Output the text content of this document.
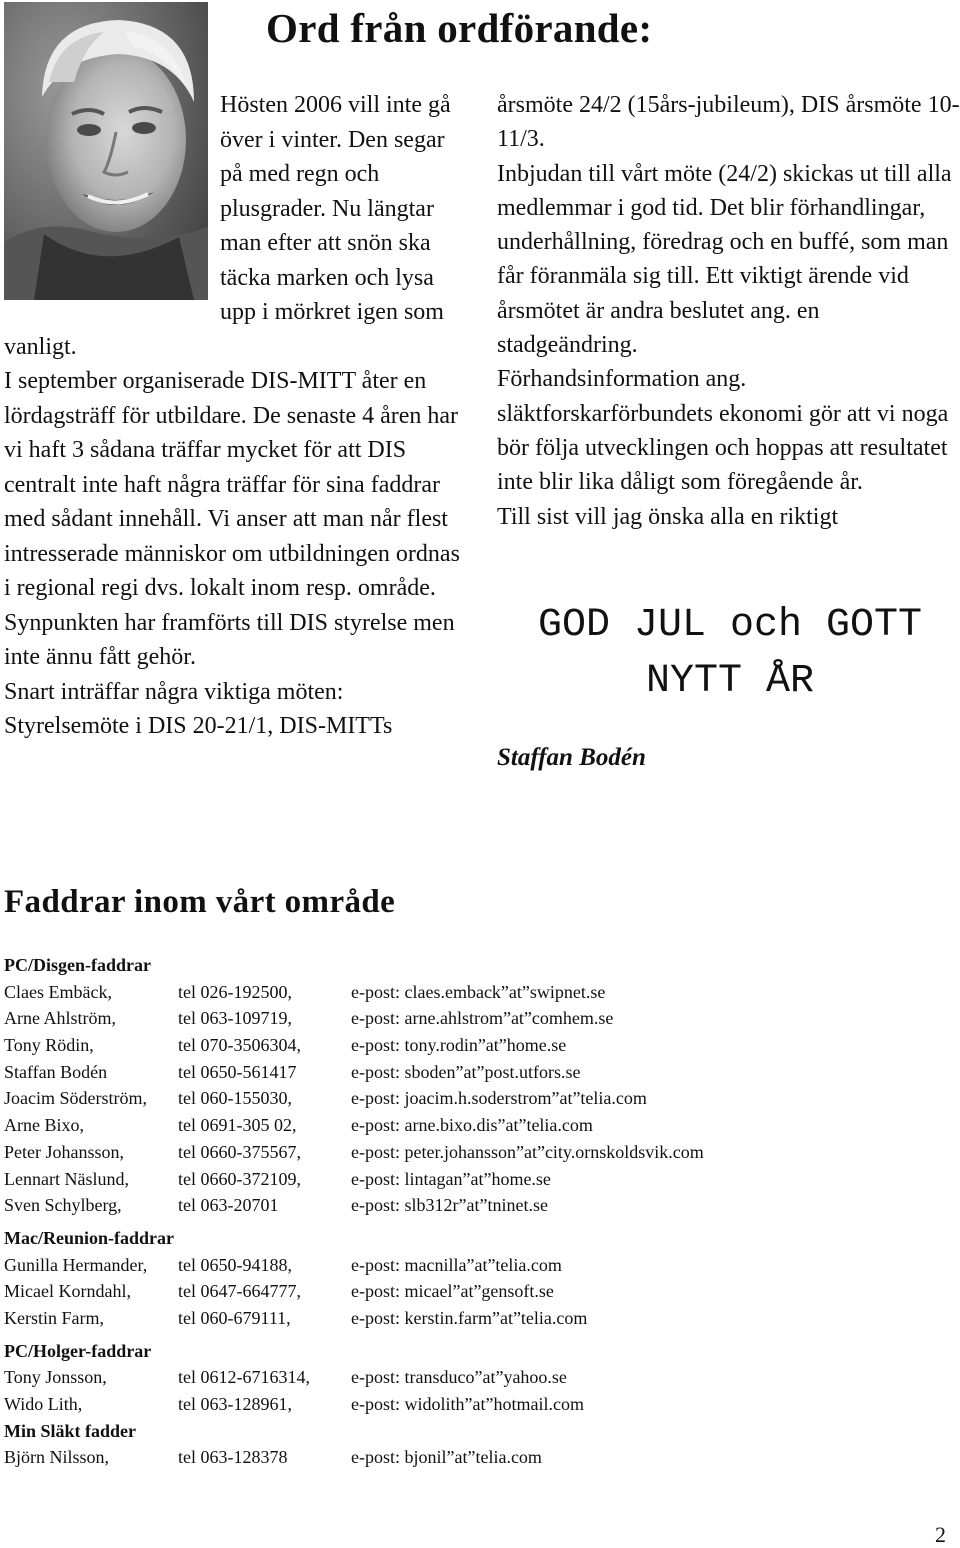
Ord från ordförande:

Hösten 2006 vill inte gå över i vinter. Den segar på med regn och plusgrader. Nu längtar man efter att snön ska täcka marken och lysa upp i mörkret igen som vanligt.

I september organiserade DIS-MITT åter en lördagsträff för utbildare. De senaste 4 åren har vi haft 3 sådana träffar mycket för att DIS centralt inte haft några träffar för sina faddrar med sådant innehåll. Vi anser att man når flest intresserade människor om utbildningen ordnas i regional regi dvs. lokalt inom resp. område. Synpunkten har framförts till DIS styrelse men inte ännu fått gehör.

Snart inträffar några viktiga möten: Styrelsemöte i DIS 20-21/1, DIS-MITTs

årsmöte 24/2 (15års-jubileum), DIS årsmöte 10-11/3.

Inbjudan till vårt möte (24/2) skickas ut till alla medlemmar i god tid. Det blir förhandlingar, underhållning, föredrag och en buffé, som man får föranmäla sig till. Ett viktigt ärende vid årsmötet är andra beslutet ang. en stadgeändring.

Förhandsinformation ang. släktforskarförbundets ekonomi gör att vi noga bör följa utvecklingen och hoppas att resultatet inte blir lika dåligt som föregående år.

Till sist vill jag önska alla en riktigt

GOD JUL och GOTT
NYTT ÅR

Staffan Bodén

Faddrar inom vårt område
PC/Disgen-faddrar
Claes Embäck,	tel 026-192500,	e-post: claes.emback”at”swipnet.se
Arne Ahlström,	tel 063-109719,	e-post: arne.ahlstrom”at”comhem.se
Tony Rödin,	tel 070-3506304,	e-post: tony.rodin”at”home.se
Staffan Bodén	tel 0650-561417	e-post: sboden”at”post.utfors.se
Joacim Söderström, tel 060-155030,	e-post: joacim.h.soderstrom”at”telia.com
Arne Bixo,	tel 0691-305 02,	e-post: arne.bixo.dis”at”telia.com
Peter Johansson,	tel 0660-375567,	e-post: peter.johansson”at”city.ornskoldsvik.com
Lennart Näslund,	tel 0660-372109,	e-post: lintagan”at”home.se
Sven Schylberg,	tel 063-20701	e-post: slb312r”at”tninet.se
Mac/Reunion-faddrar
Gunilla Hermander, tel 0650-94188,	e-post: macnilla”at”telia.com
Micael Korndahl,	tel 0647-664777,	e-post: micael”at”gensoft.se
Kerstin Farm,	tel 060-679111,	e-post: kerstin.farm”at”telia.com
PC/Holger-faddrar
Tony Jonsson,	tel 0612-6716314, e-post: transduco”at”yahoo.se
Wido Lith,	tel 063-128961,	e-post: widolith”at”hotmail.com
Min Släkt fadder
Björn Nilsson,	tel 063-128378	e-post: bjonil”at”telia.com
2
